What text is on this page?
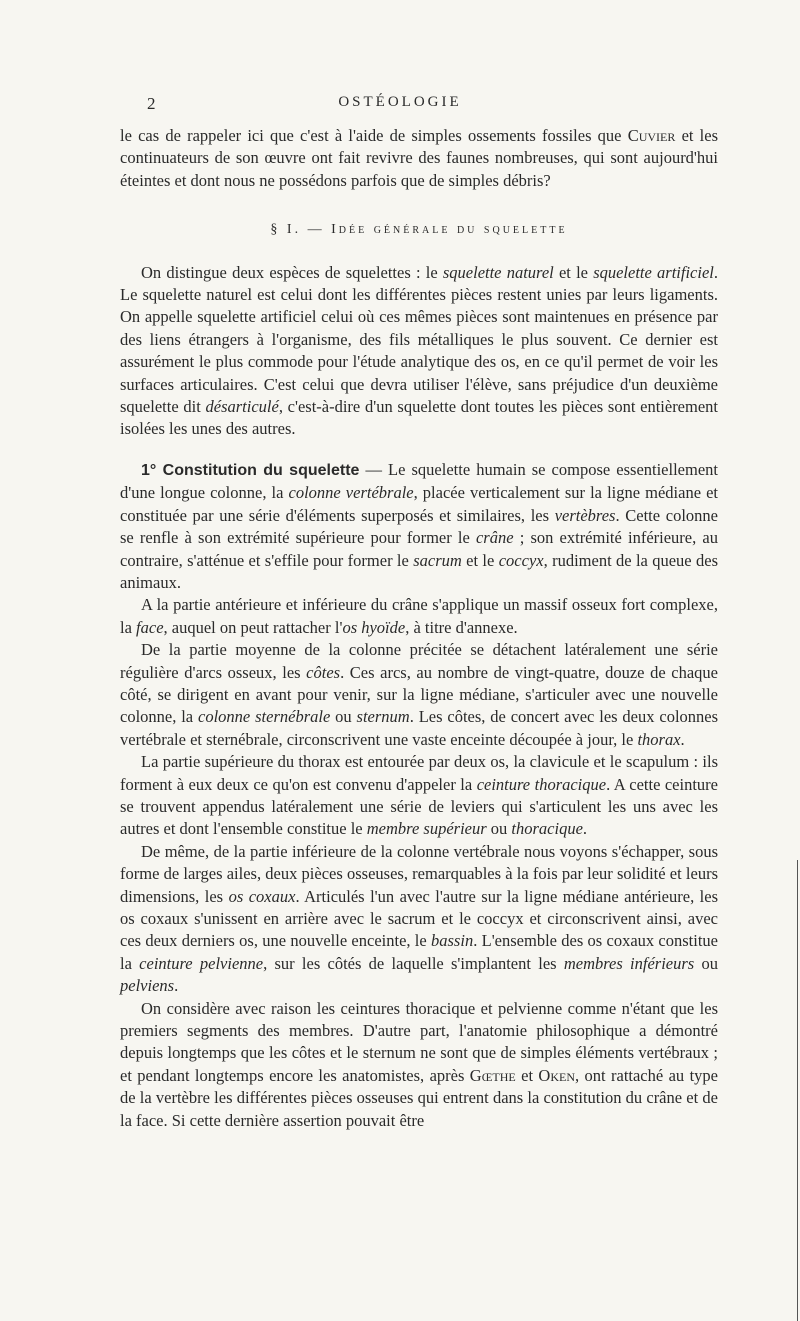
2	OSTÉOLOGIE

le cas de rappeler ici que c'est à l'aide de simples ossements fossiles que Cuvier et les continuateurs de son œuvre ont fait revivre des faunes nombreuses, qui sont aujourd'hui éteintes et dont nous ne possédons parfois que de simples débris?

§ I. — Idée générale du squelette

On distingue deux espèces de squelettes : le squelette naturel et le squelette artificiel. Le squelette naturel est celui dont les différentes pièces restent unies par leurs ligaments. On appelle squelette artificiel celui où ces mêmes pièces sont maintenues en présence par des liens étrangers à l'organisme, des fils métalliques le plus souvent. Ce dernier est assurément le plus commode pour l'étude analytique des os, en ce qu'il permet de voir les surfaces articulaires. C'est celui que devra utiliser l'élève, sans préjudice d'un deuxième squelette dit désarticulé, c'est-à-dire d'un squelette dont toutes les pièces sont entièrement isolées les unes des autres.

1° Constitution du squelette — Le squelette humain se compose essentiellement d'une longue colonne, la colonne vertébrale, placée verticalement sur la ligne médiane et constituée par une série d'éléments superposés et similaires, les vertèbres. Cette colonne se renfle à son extrémité supérieure pour former le crâne ; son extrémité inférieure, au contraire, s'atténue et s'effile pour former le sacrum et le coccyx, rudiment de la queue des animaux.

A la partie antérieure et inférieure du crâne s'applique un massif osseux fort complexe, la face, auquel on peut rattacher l'os hyoïde, à titre d'annexe.

De la partie moyenne de la colonne précitée se détachent latéralement une série régulière d'arcs osseux, les côtes. Ces arcs, au nombre de vingt-quatre, douze de chaque côté, se dirigent en avant pour venir, sur la ligne médiane, s'articuler avec une nouvelle colonne, la colonne sternébrale ou sternum. Les côtes, de concert avec les deux colonnes vertébrale et sternébrale, circonscrivent une vaste enceinte découpée à jour, le thorax.

La partie supérieure du thorax est entourée par deux os, la clavicule et le scapulum : ils forment à eux deux ce qu'on est convenu d'appeler la ceinture thoracique. A cette ceinture se trouvent appendus latéralement une série de leviers qui s'articulent les uns avec les autres et dont l'ensemble constitue le membre supérieur ou thoracique.

De même, de la partie inférieure de la colonne vertébrale nous voyons s'échapper, sous forme de larges ailes, deux pièces osseuses, remarquables à la fois par leur solidité et leurs dimensions, les os coxaux. Articulés l'un avec l'autre sur la ligne médiane antérieure, les os coxaux s'unissent en arrière avec le sacrum et le coccyx et circonscrivent ainsi, avec ces deux derniers os, une nouvelle enceinte, le bassin. L'ensemble des os coxaux constitue la ceinture pelvienne, sur les côtés de laquelle s'implantent les membres inférieurs ou pelviens.

On considère avec raison les ceintures thoracique et pelvienne comme n'étant que les premiers segments des membres. D'autre part, l'anatomie philosophique a démontré depuis longtemps que les côtes et le sternum ne sont que de simples éléments vertébraux ; et pendant longtemps encore les anatomistes, après Gœthe et Oken, ont rattaché au type de la vertèbre les différentes pièces osseuses qui entrent dans la constitution du crâne et de la face. Si cette dernière assertion pouvait être
